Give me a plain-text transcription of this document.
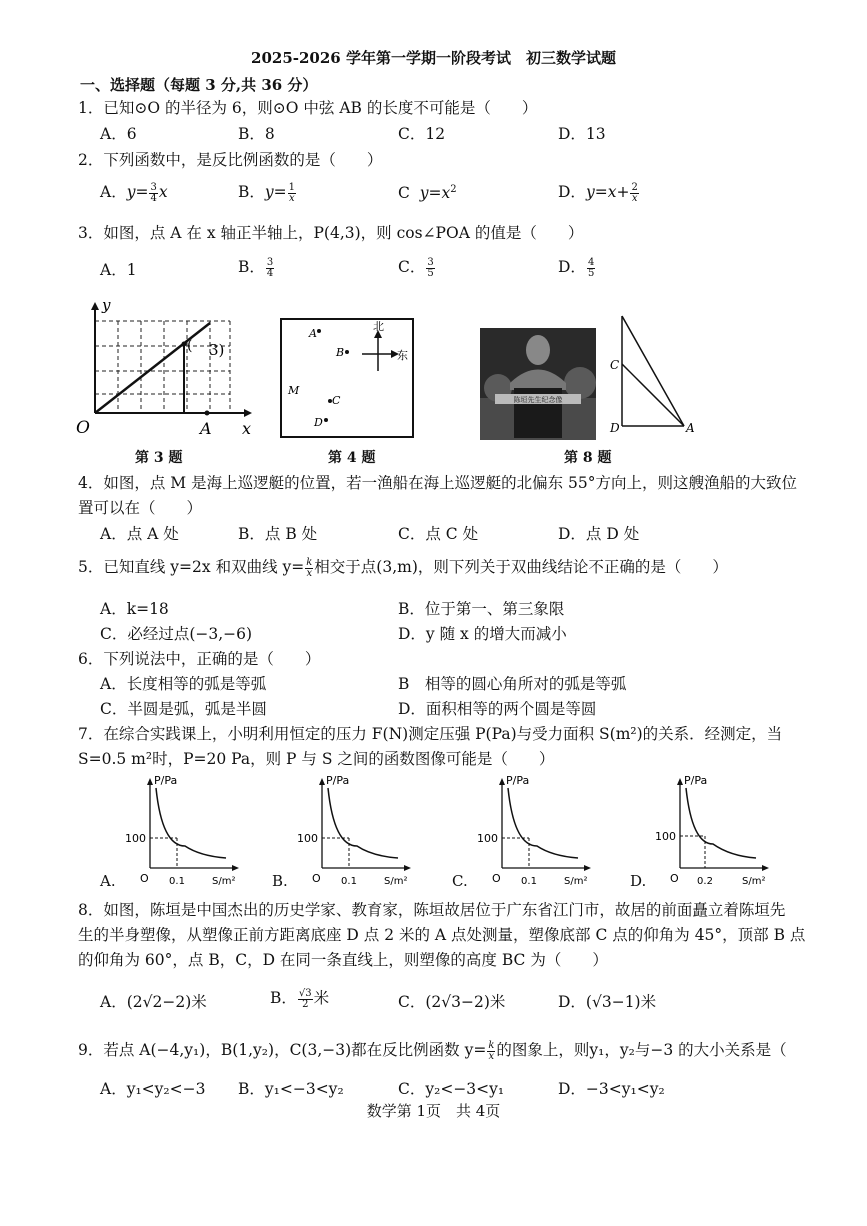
2025-2026 学年第一学期一阶段考试　初三数学试题
一、选择题（每题 3 分,共 36 分）
1．已知⊙O 的半径为 6，则⊙O 中弦 AB 的长度不可能是（　　）
A．6	B．8	C．12	D．13
2．下列函数中，是反比例函数的是（　　）
A．$y= \frac{3}{4}$ x	B．$y= \frac{1}{x}$	C $y=x^2$	D．$y=x+ \frac{2}{x}$
3．如图，点 A 在 x 轴正半轴上，P(4,3)，则 cos∠POA 的值是（　　）
A．1	B． $\frac{3}{4}$	C． $\frac{3}{5}$	D． $\frac{4}{5}$
y
x
O	A
( 3)
第 3 题
A
B
C
D
M
北
东
第 4 题
陈垣先生纪念像
第 8 题
C
D	A
4．如图，点 M 是海上巡逻艇的位置，若一渔船在海上巡逻艇的北偏东 55°方向上，则这艘渔船的大致位
置可以在（　　）
A．点 A 处	B．点 B 处	C．点 C 处	D．点 D 处
5．已知直线 y=2x 和双曲线 $y= \frac{k}{x}$ 相交于点(3,m)，则下列关于双曲线结论不正确的是（　　）
A．k=18	B．位于第一、第三象限
C．必经过点(−3,−6)	D．y 随 x 的增大而减小
6．下列说法中，正确的是（　　）
A．长度相等的弧是等弧	B　相等的圆心角所对的弧是等弧
C．半圆是弧，弧是半圆	D．面积相等的两个圆是等圆
7．在综合实践课上，小明利用恒定的压力 F(N)测定压强 P(Pa)与受力面积 S(m²)的关系．经测定，当
S=0.5 m²时，P=20 Pa，则 P 与 S 之间的函数图像可能是（　　）
P/Pa
100
0.1	S/m²
O
A.
P/Pa
100
0.1	S/m²
O
B.
P/Pa
100
0.1	S/m²
O
C.
P/Pa
100
0.2	S/m²
O
D.
8．如图，陈垣是中国杰出的历史学家、教育家，陈垣故居位于广东省江门市，故居的前面矗立着陈垣先
生的半身塑像，从塑像正前方距离底座 D 点 2 米的 A 点处测量，塑像底部 C 点的仰角为 45°，顶部 B 点
的仰角为 60°，点 B，C，D 在同一条直线上，则塑像的高度 BC 为（　　）
A．(2√2−2)米	B． $\frac{√3}{2}$ 米	C．(2√3−2)米	D．(√3−1)米
9．若点 A(−4,y₁)，B(1,y₂)，C(3,−3)都在反比例函数 $y= \frac{k}{x}$ 的图象上，则y₁，y₂与−3 的大小关系是（
A．y₁<y₂<−3 B．y₁<−3<y₂	C．y₂<−3<y₁	D．−3<y₁<y₂
数学第 1页　共 4页
